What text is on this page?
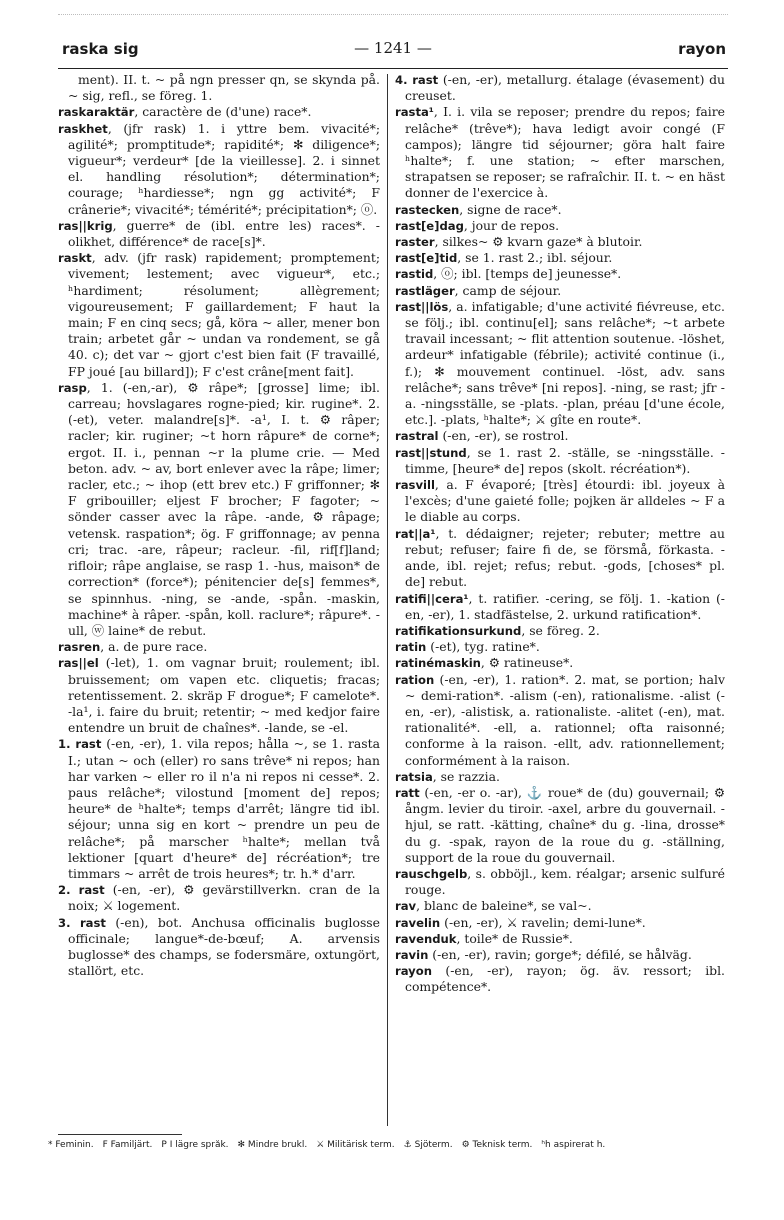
raska sig	— 1241 —	rayon

ment). II. t. ~ på ngn presser qn, se skynda på. ~ sig, refl., se föreg. 1.

raskaraktär, caractère de (d'une) race*.

raskhet, (jfr rask) 1. i yttre bem. vivacité*; agilité*; promptitude*; rapidité*; ✻ diligence*; vigueur*; verdeur* [de la vieillesse]. 2. i sinnet el. handling résolution*; détermination*; courage; ʰhardiesse*; ngn gg activité*; F crânerie*; vivacité*; témérité*; précipitation*; ⓞ.

ras||krig, guerre* de (ibl. entre les) races*. -olikhet, différence* de race[s]*.

raskt, adv. (jfr rask) rapidement; promptement; vivement; lestement; avec vigueur*, etc.; ʰhardiment; résolument; allègrement; vigoureusement; F gaillardement; F haut la main; F en cinq secs; gå, köra ~ aller, mener bon train; arbetet går ~ undan va rondement, se gå 40. c); det var ~ gjort c'est bien fait (F travaillé, FP joué [au billard]); F c'est crâne[ment fait].

rasp, 1. (-en,-ar), ⚙ râpe*; [grosse] lime; ibl. carreau; hovslagares rogne-pied; kir. rugine*. 2. (-et), veter. malandre[s]*. -a¹, I. t. ⚙ râper; racler; kir. ruginer; ~t horn râpure* de corne*; ergot. II. i., pennan ~r la plume crie. — Med beton. adv. ~ av, bort enlever avec la râpe; limer; racler, etc.; ~ ihop (ett brev etc.) F griffonner; ✻ F gribouiller; eljest F brocher; F fagoter; ~ sönder casser avec la râpe. -ande, ⚙ râpage; vetensk. raspation*; ög. F griffonnage; av penna cri; trac. -are, râpeur; racleur. -fil, rif[f]land; rifloir; râpe anglaise, se rasp 1. -hus, maison* de correction* (force*); pénitencier de[s] femmes*, se spinnhus. -ning, se -ande, -spån. -maskin, machine* à râper. -spån, koll. raclure*; râpure*. -ull, ⓦ laine* de rebut.

rasren, a. de pure race.

ras||el (-let), 1. om vagnar bruit; roulement; ibl. bruissement; om vapen etc. cliquetis; fracas; retentissement. 2. skräp F drogue*; F camelote*. -la¹, i. faire du bruit; retentir; ~ med kedjor faire entendre un bruit de chaînes*. -lande, se -el.

1. rast (-en, -er), 1. vila repos; hålla ~, se 1. rasta I.; utan ~ och (eller) ro sans trêve* ni repos; han har varken ~ eller ro il n'a ni repos ni cesse*. 2. paus relâche*; vilostund [moment de] repos; heure* de ʰhalte*; temps d'arrêt; längre tid ibl. séjour; unna sig en kort ~ prendre un peu de relâche*; på marscher ʰhalte*; mellan två lektioner [quart d'heure* de] récréation*; tre timmars ~ arrêt de trois heures*; tr. h.* d'arr.

2. rast (-en, -er), ⚙ gevärstillverkn. cran de la noix; ⚔ logement.

3. rast (-en), bot. Anchusa officinalis buglosse officinale; langue*-de-bœuf; A. arvensis buglosse* des champs, se fodersmäre, oxtungört, stallört, etc.

4. rast (-en, -er), metallurg. étalage (évasement) du creuset.

rasta¹, I. i. vila se reposer; prendre du repos; faire relâche* (trêve*); hava ledigt avoir congé (F campos); längre tid séjourner; göra halt faire ʰhalte*; f. une station; ~ efter marschen, strapatsen se reposer; se rafraîchir. II. t. ~ en häst donner de l'exercice à.

rastecken, signe de race*.

rast[e]dag, jour de repos.

raster, silkes~ ⚙ kvarn gaze* à blutoir.

rast[e]tid, se 1. rast 2.; ibl. séjour.

rastid, ⓞ; ibl. [temps de] jeunesse*.

rastläger, camp de séjour.

rast||lös, a. infatigable; d'une activité fiévreuse, etc. se följ.; ibl. continu[el]; sans relâche*; ~t arbete travail incessant; ~ flit attention soutenue. -löshet, ardeur* infatigable (fébrile); activité continue (i., f.); ✻ mouvement continuel. -löst, adv. sans relâche*; sans trêve* [ni repos]. -ning, se rast; jfr -a. -ningsställe, se -plats. -plan, préau [d'une école, etc.]. -plats, ʰhalte*; ⚔ gîte en route*.

rastral (-en, -er), se rostrol.

rast||stund, se 1. rast 2. -ställe, se -ningsställe. -timme, [heure* de] repos (skolt. récréation*).

rasvill, a. F évaporé; [très] étourdi: ibl. joyeux à l'excès; d'une gaieté folle; pojken är alldeles ~ F a le diable au corps.

rat||a¹, t. dédaigner; rejeter; rebuter; mettre au rebut; refuser; faire fi de, se försmå, förkasta. -ande, ibl. rejet; refus; rebut. -gods, [choses* pl. de] rebut.

ratifi||cera¹, t. ratifier. -cering, se följ. 1. -kation (-en, -er), 1. stadfästelse, 2. urkund ratification*.

ratifikationsurkund, se föreg. 2.

ratin (-et), tyg. ratine*.

ratinémaskin, ⚙ ratineuse*.

ration (-en, -er), 1. ration*. 2. mat, se portion; halv ~ demi-ration*. -alism (-en), rationalisme. -alist (-en, -er), -alistisk, a. rationaliste. -alitet (-en), mat. rationalité*. -ell, a. rationnel; ofta raisonné; conforme à la raison. -ellt, adv. rationnellement; conformément à la raison.

ratsia, se razzia.

ratt (-en, -er o. -ar), ⚓ roue* de (du) gouvernail; ⚙ ångm. levier du tiroir. -axel, arbre du gouvernail. -hjul, se ratt. -kätting, chaîne* du g. -lina, drosse* du g. -spak, rayon de la roue du g. -ställning, support de la roue du gouvernail.

rauschgelb, s. obböjl., kem. réalgar; arsenic sulfuré rouge.

rav, blanc de baleine*, se val~.

ravelin (-en, -er), ⚔ ravelin; demi-lune*.

ravenduk, toile* de Russie*.

ravin (-en, -er), ravin; gorge*; défilé, se hålväg.

rayon (-en, -er), rayon; ög. äv. ressort; ibl. compétence*.

* Feminin. F Familjärt. P I lägre språk. ✻ Mindre brukl. ⚔ Militärisk term. ⚓ Sjöterm. ⚙ Teknisk term. ʰh aspirerat h.
